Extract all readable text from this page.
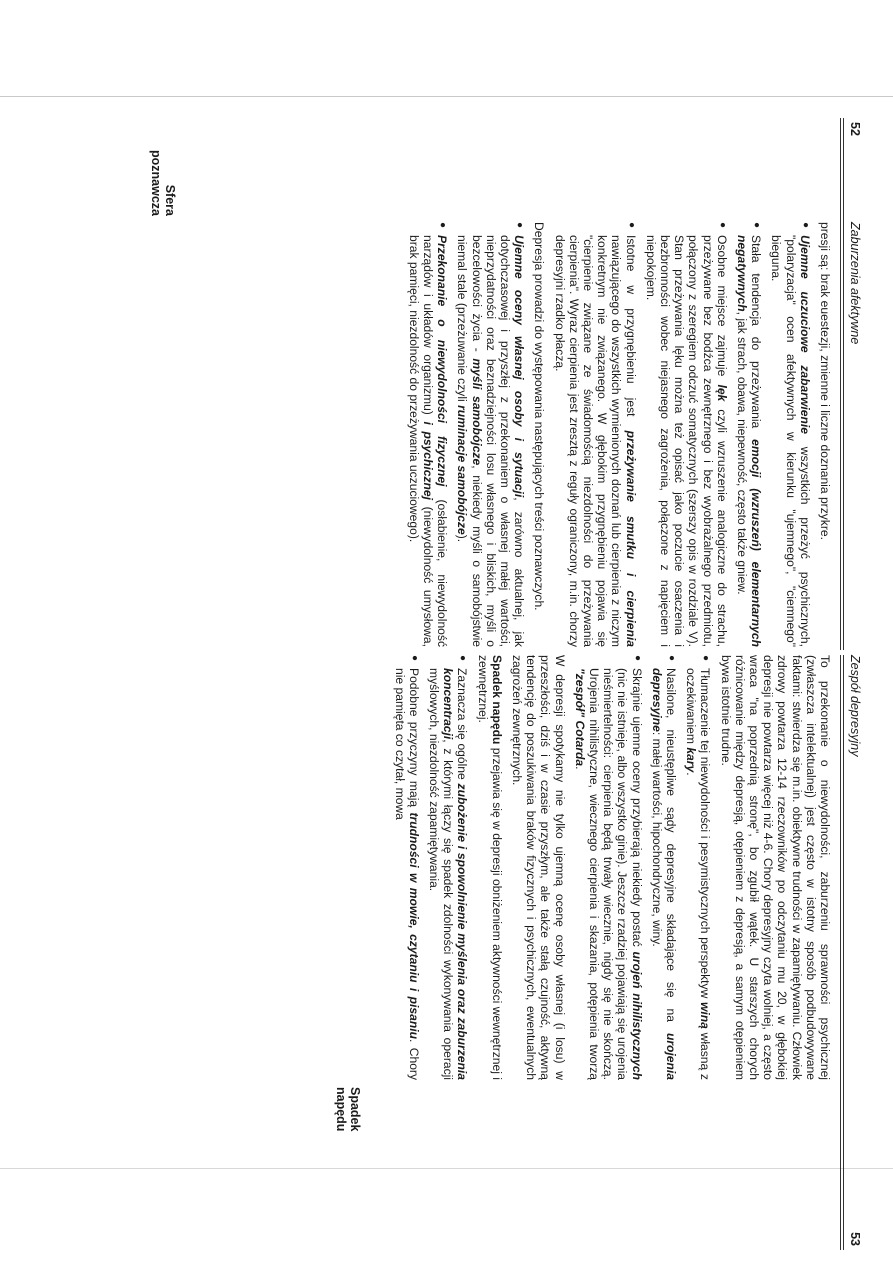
52
Zaburzenia afektywne

presji są: brak euestezji, zmienne i liczne doznania przykre.

● Ujemne uczuciowe zabarwienie wszystkich przeżyć psychicznych, "polaryzacja" ocen afektywnych w kierunku "ujemnego", "ciemnego" bieguna.
● Stała tendencja do przeżywania emocji (wzruszeń) elementarnych negatywnych, jak strach, obawa, niepewność, często także gniew.
● Osobne miejsce zajmuje lęk czyli wzruszenie analogiczne do strachu, przeżywane bez bodźca zewnętrznego i bez wyobrażalnego przedmiotu, połączony z szeregiem odczuć somatycznych (szerszy opis w rozdziale V). Stan przeżywania lęku można też opisać jako poczucie osaczenia i bezbronności wobec niejasnego zagrożenia, połączone z napięciem i niepokojem.
● Istotne w przygnębieniu jest przeżywanie smutku i cierpienia nawiązującego do wszystkich wymienionych doznań lub cierpienia z niczym konkretnym nie związanego. W głębokim przygnębieniu pojawia się "cierpienie związane ze świadomością niezdolności do przeżywania cierpienia". Wyraz cierpienia jest zresztą z reguły ograniczony, m.in. chorzy depresyjni rzadko płaczą.

Depresja prowadzi do występowania następujących treści poznawczych.

● Ujemne oceny własnej osoby i sytuacji, zarówno aktualnej, jak dotychczasowej i przyszłej z przekonaniem o własnej małej wartości, nieprzydatności oraz beznadziejności losu własnego i bliskich, myśli o bezcelowości życia - myśli samobójcze, niekiedy myśli o samobójstwie niemal stale (przeżuwanie czyli ruminacje samobójcze).
● Przekonanie o niewydolności fizycznej (osłabienie, niewydolność narządów i układów organizmu) i psychicznej (niewydolność umysłowa, brak pamięci, niezdolność do przeżywania uczuciowego).
Sfera
poznawcza
Zespół depresyjny
53

To przekonanie o niewydolności, zaburzeniu sprawności psychicznej (zwłaszcza intelektualnej) jest często w istotny sposób podbudowywane faktami: stwierdza się m.in. obiektywne trudności w zapamiętywaniu. Człowiek zdrowy powtarza 12-14 rzeczowników po odczytaniu mu 20, w głębokiej depresji nie powtarza więcej niż 4-6. Chory depresyjny czyta wolniej, a często wraca "na poprzednią stronę", bo zgubił wątek. U starszych chorych różnicowanie między depresją, otępieniem z depresją, a samym otępieniem bywa istotnie trudne.

● Tłumaczenie tej niewydolności i pesymistycznych perspektyw winą własną z oczekiwaniem kary.
● Nasilone, nieustępliwe sądy depresyjne składające się na urojenia depresyjne: małej wartości, hipochondryczne, winy.
● Skrajnie ujemne oceny przybierają niekiedy postać urojeń nihilistycznych (nic nie istnieje, albo wszystko ginie). Jeszcze rzadziej pojawiają się urojenia nieśmiertelności: cierpienia będą trwały wiecznie, nigdy się nie skończą. Urojenia nihilistyczne, wiecznego cierpienia i skazania, potępienia tworzą "zespół" Cotarda.

W depresji spotykamy nie tylko ujemną ocenę osoby własnej (i losu) w przeszłości, dziś i w czasie przyszłym, ale także stałą czujność, aktywną tendencję do poszukiwania braków fizycznych i psychicznych, ewentualnych zagrożeń zewnętrznych.

Spadek napędu przejawia się w depresji obniżeniem aktywności wewnętrznej i zewnętrznej.

● Zaznacza się ogólne zubożenie i spowolnienie myślenia oraz zaburzenia koncentracji, z którymi łączy się spadek zdolności wykonywania operacji myślowych, niezdolność zapamiętywania.
● Podobne przyczyny mają trudności w mowie, czytaniu i pisaniu. Chory nie pamięta co czytał, mowa
Spadek
napędu
